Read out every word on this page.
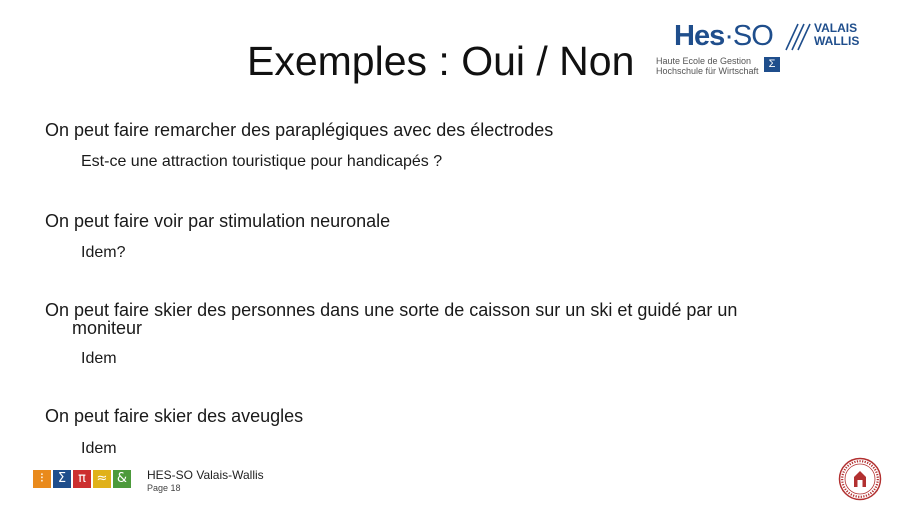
Exemples : Oui / Non
Hes·SO	VALAIS
WALLIS
Haute Ecole de Gestion
Hochschule für Wirtschaft
Σ
On peut faire remarcher des paraplégiques avec des électrodes
Est-ce une attraction touristique pour handicapés ?
On peut faire voir par stimulation neuronale
Idem?
On peut faire skier des personnes dans une sorte de caisson sur un ski et guidé par un
moniteur
Idem
On peut faire skier des aveugles
Idem
⁝	Σ π ≈ &	HES-SO Valais-Wallis
Page 18
